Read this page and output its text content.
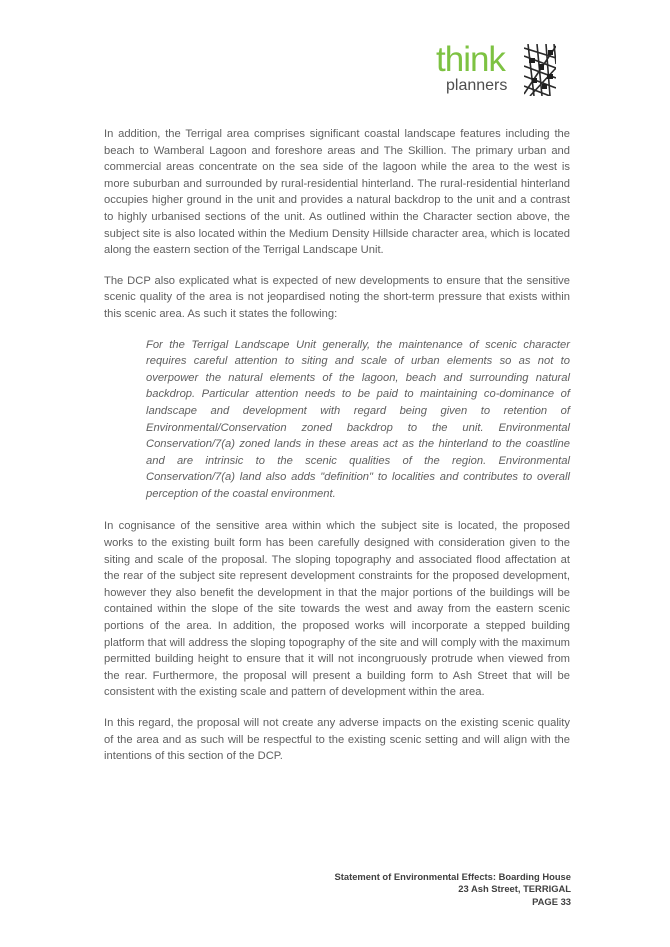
think
planners

In addition, the Terrigal area comprises significant coastal landscape features including the beach to Wamberal Lagoon and foreshore areas and The Skillion. The primary urban and commercial areas concentrate on the sea side of the lagoon while the area to the west is more suburban and surrounded by rural-residential hinterland. The rural-residential hinterland occupies higher ground in the unit and provides a natural backdrop to the unit and a contrast to highly urbanised sections of the unit. As outlined within the Character section above, the subject site is also located within the Medium Density Hillside character area, which is located along the eastern section of the Terrigal Landscape Unit.

The DCP also explicated what is expected of new developments to ensure that the sensitive scenic quality of the area is not jeopardised noting the short-term pressure that exists within this scenic area. As such it states the following:

For the Terrigal Landscape Unit generally, the maintenance of scenic character requires careful attention to siting and scale of urban elements so as not to overpower the natural elements of the lagoon, beach and surrounding natural backdrop. Particular attention needs to be paid to maintaining co-dominance of landscape and development with regard being given to retention of Environmental/Conservation zoned backdrop to the unit. Environmental Conservation/7(a) zoned lands in these areas act as the hinterland to the coastline and are intrinsic to the scenic qualities of the region. Environmental Conservation/7(a) land also adds "definition" to localities and contributes to overall perception of the coastal environment.

In cognisance of the sensitive area within which the subject site is located, the proposed works to the existing built form has been carefully designed with consideration given to the siting and scale of the proposal. The sloping topography and associated flood affectation at the rear of the subject site represent development constraints for the proposed development, however they also benefit the development in that the major portions of the buildings will be contained within the slope of the site towards the west and away from the eastern scenic portions of the area. In addition, the proposed works will incorporate a stepped building platform that will address the sloping topography of the site and will comply with the maximum permitted building height to ensure that it will not incongruously protrude when viewed from the rear. Furthermore, the proposal will present a building form to Ash Street that will be consistent with the existing scale and pattern of development within the area.

In this regard, the proposal will not create any adverse impacts on the existing scenic quality of the area and as such will be respectful to the existing scenic setting and will align with the intentions of this section of the DCP.

Statement of Environmental Effects: Boarding House
23 Ash Street, TERRIGAL
PAGE 33
